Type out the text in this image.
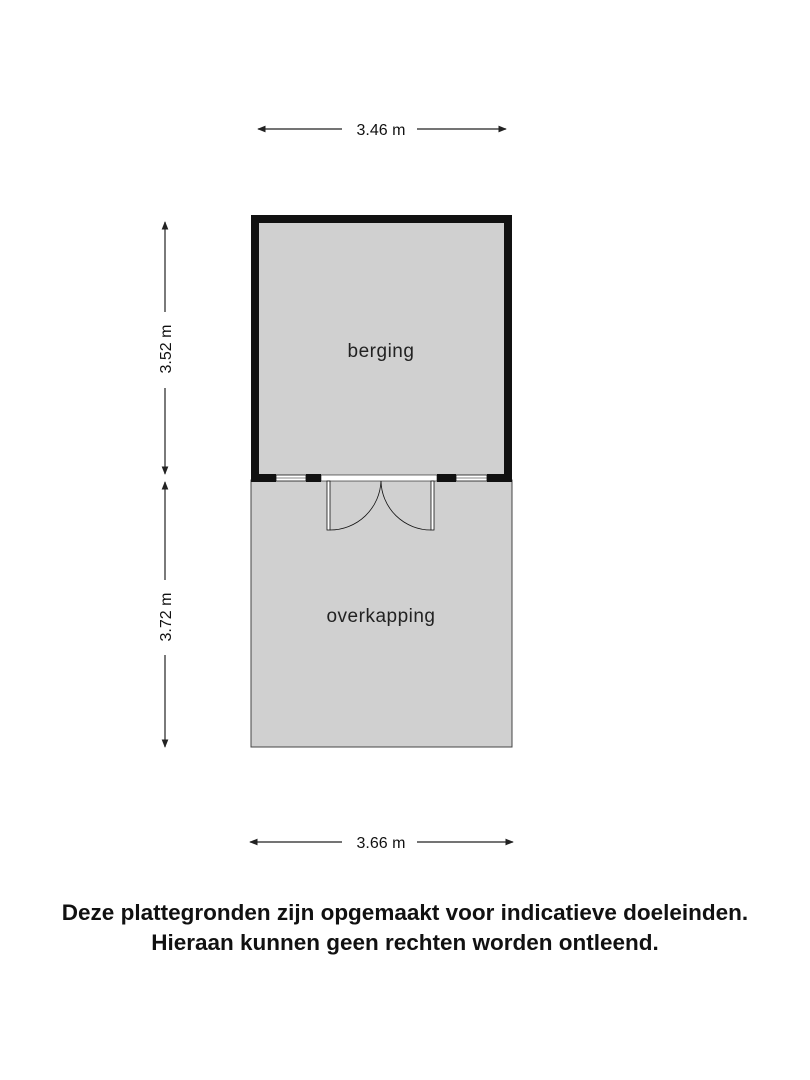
3.46 m
3.52 m
3.72 m
3.66 m
berging
overkapping
Deze plattegronden zijn opgemaakt voor indicatieve doeleinden.
Hieraan kunnen geen rechten worden ontleend.
